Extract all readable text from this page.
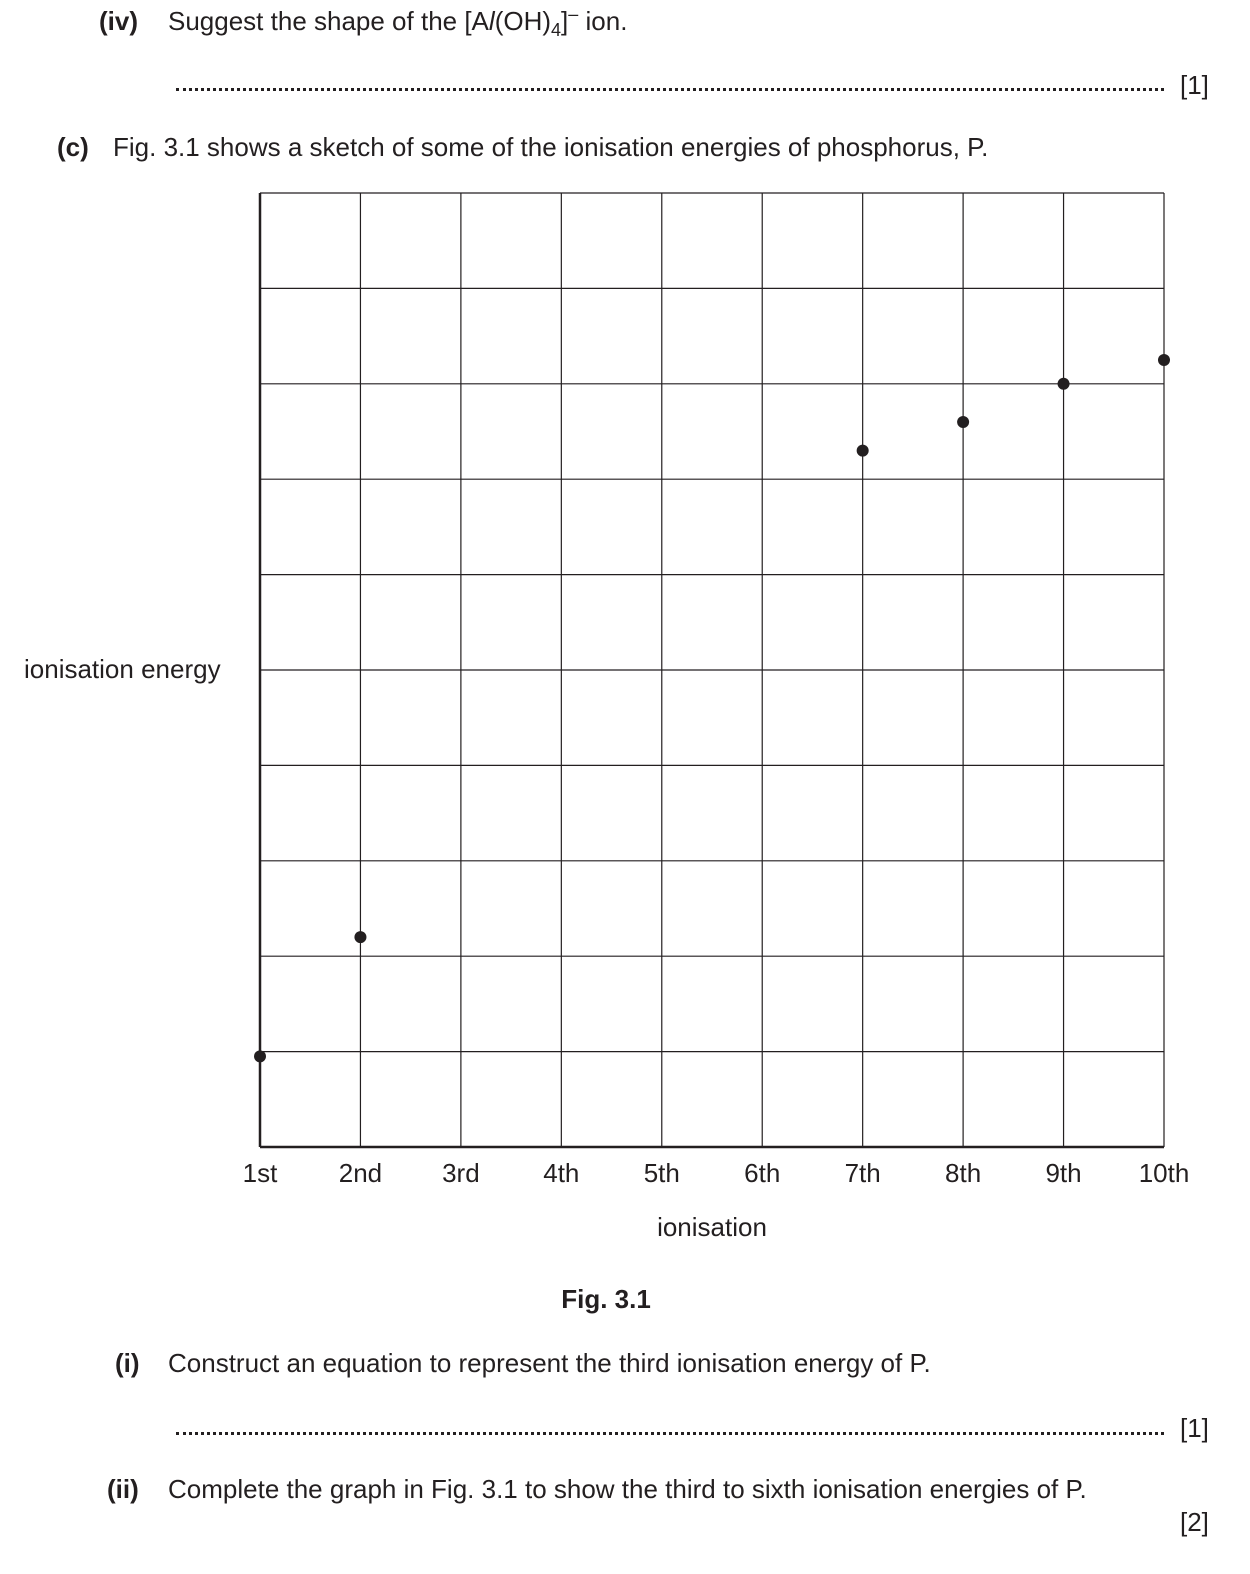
(iv) Suggest the shape of the $[Al(OH)_4]^-$ ion.
[1]
(c) Fig. 3.1 shows a sketch of some of the ionisation energies of phosphorus, P.
ionisation energy
1st 2nd 3rd 4th 5th 6th 7th 8th 9th 10th
ionisation
Fig. 3.1
(i) Construct an equation to represent the third ionisation energy of P.
[1]
(ii) Complete the graph in Fig. 3.1 to show the third to sixth ionisation energies of P.
[2]
